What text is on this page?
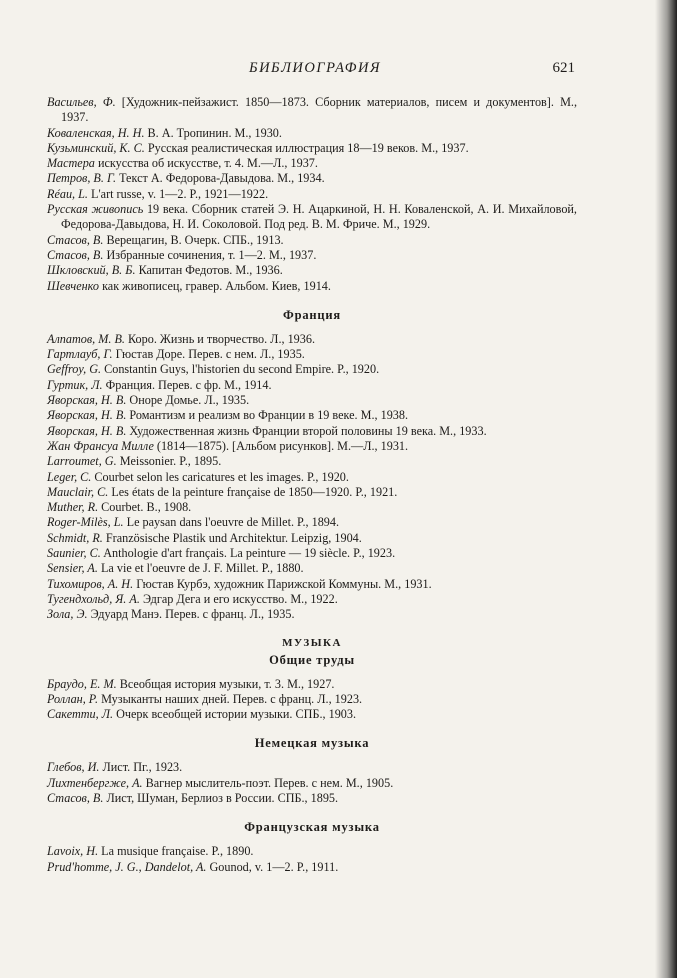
БИБЛИОГРАФИЯ	621
Васильев, Ф. [Художник-пейзажист. 1850—1873. Сборник материалов, писем и документов]. М., 1937.
Коваленская, Н. Н. В. А. Тропинин. М., 1930.
Кузьминский, К. С. Русская реалистическая иллюстрация 18—19 веков. М., 1937.
Мастера искусства об искусстве, т. 4. М.—Л., 1937.
Петров, В. Г. Текст А. Федорова-Давыдова. М., 1934.
Réau, L. L'art russe, v. 1—2. P., 1921—1922.
Русская живопись 19 века. Сборник статей Э. Н. Ацаркиной, Н. Н. Коваленской, А. И. Михайловой, Федорова-Давыдова, Н. И. Соколовой. Под ред. В. М. Фриче. М., 1929.
Стасов, В. Верещагин, В. Очерк. СПБ., 1913.
Стасов, В. Избранные сочинения, т. 1—2. М., 1937.
Шкловский, В. Б. Капитан Федотов. М., 1936.
Шевченко как живописец, гравер. Альбом. Киев, 1914.
Франция
Алпатов, М. В. Коро. Жизнь и творчество. Л., 1936.
Гартлауб, Г. Гюстав Доре. Перев. с нем. Л., 1935.
Geffroy, G. Constantin Guys, l'historien du second Empire. P., 1920.
Гуртик, Л. Франция. Перев. с фр. М., 1914.
Яворская, Н. В. Оноре Домье. Л., 1935.
Яворская, Н. В. Романтизм и реализм во Франции в 19 веке. М., 1938.
Яворская, Н. В. Художественная жизнь Франции второй половины 19 века. М., 1933.
Жан Франсуа Милле (1814—1875). [Альбом рисунков]. М.—Л., 1931.
Larroumet, G. Meissonier. P., 1895.
Leger, C. Courbet selon les caricatures et les images. P., 1920.
Mauclair, C. Les états de la peinture française de 1850—1920. P., 1921.
Muther, R. Courbet. B., 1908.
Roger-Milès, L. Le paysan dans l'oeuvre de Millet. P., 1894.
Schmidt, R. Französische Plastik und Architektur. Leipzig, 1904.
Saunier, C. Anthologie d'art français. La peinture — 19 siècle. P., 1923.
Sensier, A. La vie et l'oeuvre de J. F. Millet. P., 1880.
Тихомиров, А. Н. Гюстав Курбэ, художник Парижской Коммуны. М., 1931.
Тугендхольд, Я. А. Эдгар Дега и его искусство. М., 1922.
Зола, Э. Эдуард Манэ. Перев. с франц. Л., 1935.
МУЗЫКА
Общие труды
Браудо, Е. М. Всеобщая история музыки, т. 3. М., 1927.
Роллан, Р. Музыканты наших дней. Перев. с франц. Л., 1923.
Сакетти, Л. Очерк всеобщей истории музыки. СПБ., 1903.
Немецкая музыка
Глебов, И. Лист. Пг., 1923.
Лихтенбергже, А. Вагнер мыслитель-поэт. Перев. с нем. М., 1905.
Стасов, В. Лист, Шуман, Берлиоз в России. СПБ., 1895.
Французская музыка
Lavoix, H. La musique française. P., 1890.
Prud'homme, J. G., Dandelot, A. Gounod, v. 1—2. P., 1911.
